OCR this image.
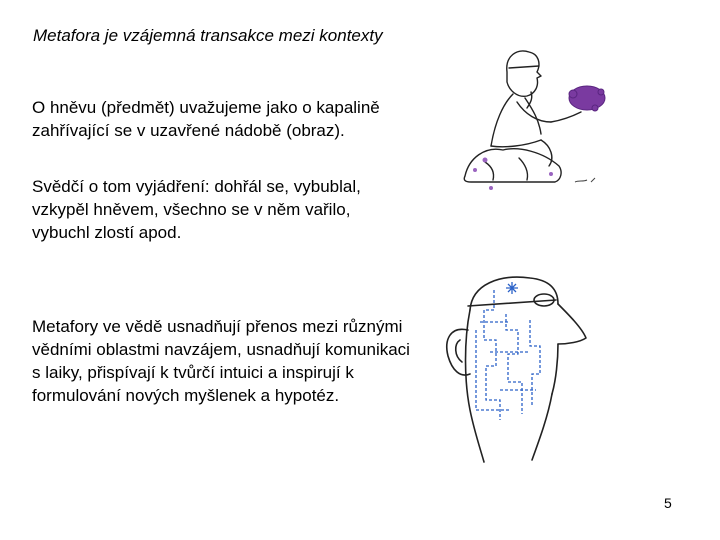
Metafora je vzájemná transakce mezi kontexty

O hněvu (předmět) uvažujeme jako o kapalině zahřívající se v uzavřené nádobě (obraz).

Svědčí o tom vyjádření: dohřál se, vybublal, vzkypěl hněvem, všechno se v něm vařilo, vybuchl zlostí apod.

Metafory ve vědě usnadňují přenos mezi různými vědními oblastmi navzájem, usnadňují komunikaci s laiky, přispívají k tvůrčí intuici a inspirují k formulování nových myšlenek a hypotéz.

5
